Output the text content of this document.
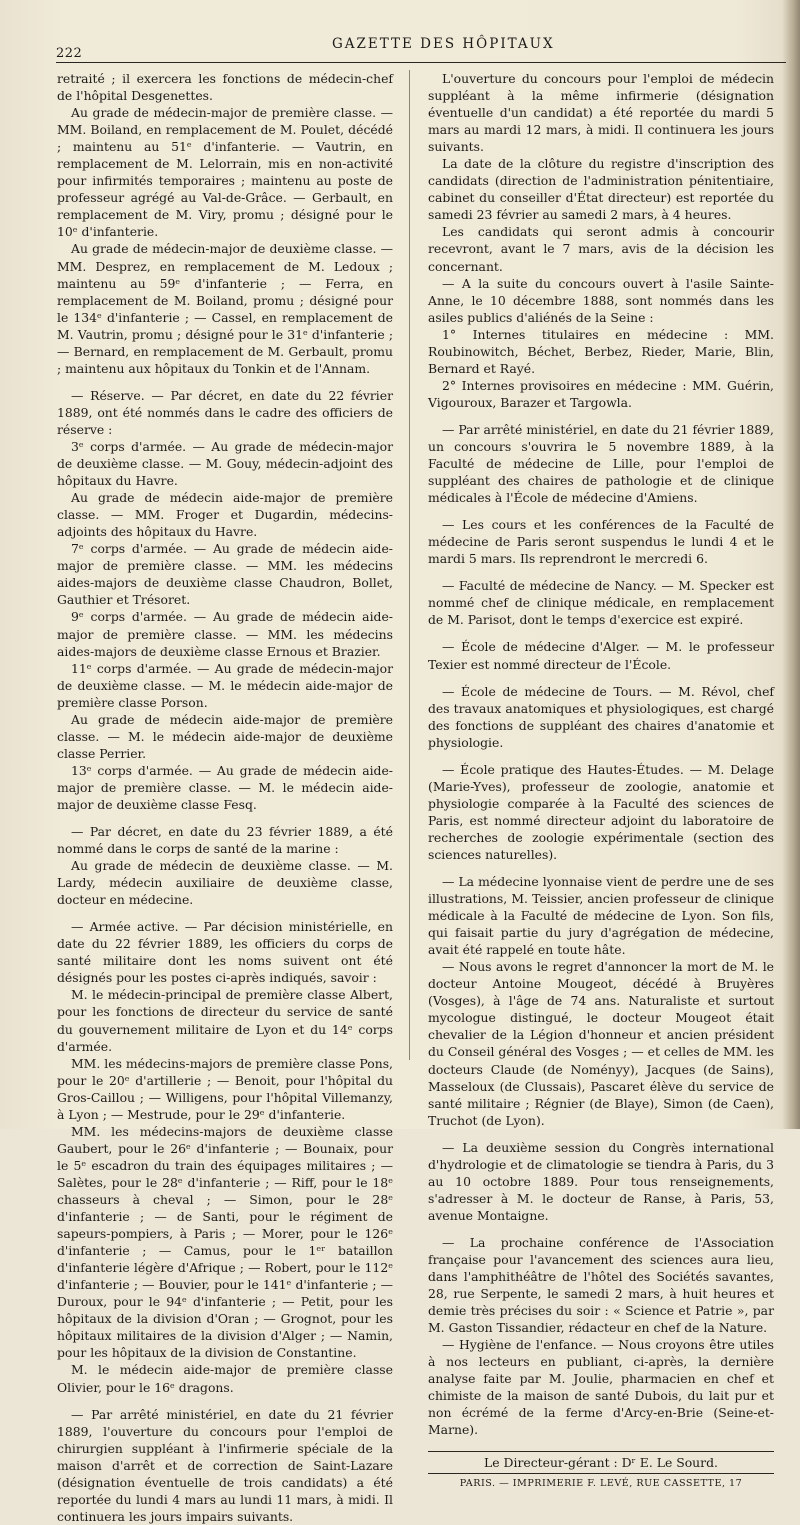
222
GAZETTE DES HÔPITAUX

retraité ; il exercera les fonctions de médecin-chef de l'hôpital Desgenettes.

Au grade de médecin-major de première classe. — MM. Boiland, en remplacement de M. Poulet, décédé ; maintenu au 51ᵉ d'infanterie. — Vautrin, en remplacement de M. Lelorrain, mis en non-activité pour infirmités temporaires ; maintenu au poste de professeur agrégé au Val-de-Grâce. — Gerbault, en remplacement de M. Viry, promu ; désigné pour le 10ᵉ d'infanterie.

Au grade de médecin-major de deuxième classe. — MM. Desprez, en remplacement de M. Ledoux ; maintenu au 59ᵉ d'infanterie ; — Ferra, en remplacement de M. Boiland, promu ; désigné pour le 134ᵉ d'infanterie ; — Cassel, en remplacement de M. Vautrin, promu ; désigné pour le 31ᵉ d'infanterie ; — Bernard, en remplacement de M. Gerbault, promu ; maintenu aux hôpitaux du Tonkin et de l'Annam.

— Réserve. — Par décret, en date du 22 février 1889, ont été nommés dans le cadre des officiers de réserve :

3ᵉ corps d'armée. — Au grade de médecin-major de deuxième classe. — M. Gouy, médecin-adjoint des hôpitaux du Havre.

Au grade de médecin aide-major de première classe. — MM. Froger et Dugardin, médecins-adjoints des hôpitaux du Havre.

7ᵉ corps d'armée. — Au grade de médecin aide-major de première classe. — MM. les médecins aides-majors de deuxième classe Chaudron, Bollet, Gauthier et Trésoret.

9ᵉ corps d'armée. — Au grade de médecin aide-major de première classe. — MM. les médecins aides-majors de deuxième classe Ernous et Brazier.

11ᵉ corps d'armée. — Au grade de médecin-major de deuxième classe. — M. le médecin aide-major de première classe Porson.

Au grade de médecin aide-major de première classe. — M. le médecin aide-major de deuxième classe Perrier.

13ᵉ corps d'armée. — Au grade de médecin aide-major de première classe. — M. le médecin aide-major de deuxième classe Fesq.

— Par décret, en date du 23 février 1889, a été nommé dans le corps de santé de la marine :

Au grade de médecin de deuxième classe. — M. Lardy, médecin auxiliaire de deuxième classe, docteur en médecine.

— Armée active. — Par décision ministérielle, en date du 22 février 1889, les officiers du corps de santé militaire dont les noms suivent ont été désignés pour les postes ci-après indiqués, savoir :

M. le médecin-principal de première classe Albert, pour les fonctions de directeur du service de santé du gouvernement militaire de Lyon et du 14ᵉ corps d'armée.

MM. les médecins-majors de première classe Pons, pour le 20ᵉ d'artillerie ; — Benoit, pour l'hôpital du Gros-Caillou ; — Willigens, pour l'hôpital Villemanzy, à Lyon ; — Mestrude, pour le 29ᵉ d'infanterie.

MM. les médecins-majors de deuxième classe Gaubert, pour le 26ᵉ d'infanterie ; — Bounaix, pour le 5ᵉ escadron du train des équipages militaires ; — Salètes, pour le 28ᵉ d'infanterie ; — Riff, pour le 18ᵉ chasseurs à cheval ; — Simon, pour le 28ᵉ d'infanterie ; — de Santi, pour le régiment de sapeurs-pompiers, à Paris ; — Morer, pour le 126ᵉ d'infanterie ; — Camus, pour le 1ᵉʳ bataillon d'infanterie légère d'Afrique ; — Robert, pour le 112ᵉ d'infanterie ; — Bouvier, pour le 141ᵉ d'infanterie ; — Duroux, pour le 94ᵉ d'infanterie ; — Petit, pour les hôpitaux de la division d'Oran ; — Grognot, pour les hôpitaux militaires de la division d'Alger ; — Namin, pour les hôpitaux de la division de Constantine.

M. le médecin aide-major de première classe Olivier, pour le 16ᵉ dragons.

— Par arrêté ministériel, en date du 21 février 1889, l'ouverture du concours pour l'emploi de chirurgien suppléant à l'infirmerie spéciale de la maison d'arrêt et de correction de Saint-Lazare (désignation éventuelle de trois candidats) a été reportée du lundi 4 mars au lundi 11 mars, à midi. Il continuera les jours impairs suivants.

L'ouverture du concours pour l'emploi de médecin suppléant à la même infirmerie (désignation éventuelle d'un candidat) a été reportée du mardi 5 mars au mardi 12 mars, à midi. Il continuera les jours suivants.

La date de la clôture du registre d'inscription des candidats (direction de l'administration pénitentiaire, cabinet du conseiller d'État directeur) est reportée du samedi 23 février au samedi 2 mars, à 4 heures.

Les candidats qui seront admis à concourir recevront, avant le 7 mars, avis de la décision les concernant.

— A la suite du concours ouvert à l'asile Sainte-Anne, le 10 décembre 1888, sont nommés dans les asiles publics d'aliénés de la Seine :

1° Internes titulaires en médecine : MM. Roubinowitch, Béchet, Berbez, Rieder, Marie, Blin, Bernard et Rayé.

2° Internes provisoires en médecine : MM. Guérin, Vigouroux, Barazer et Targowla.

— Par arrêté ministériel, en date du 21 février 1889, un concours s'ouvrira le 5 novembre 1889, à la Faculté de médecine de Lille, pour l'emploi de suppléant des chaires de pathologie et de clinique médicales à l'École de médecine d'Amiens.

— Les cours et les conférences de la Faculté de médecine de Paris seront suspendus le lundi 4 et le mardi 5 mars. Ils reprendront le mercredi 6.

— Faculté de médecine de Nancy. — M. Specker est nommé chef de clinique médicale, en remplacement de M. Parisot, dont le temps d'exercice est expiré.

— École de médecine d'Alger. — M. le professeur Texier est nommé directeur de l'École.

— École de médecine de Tours. — M. Révol, chef des travaux anatomiques et physiologiques, est chargé des fonctions de suppléant des chaires d'anatomie et physiologie.

— École pratique des Hautes-Études. — M. Delage (Marie-Yves), professeur de zoologie, anatomie et physiologie comparée à la Faculté des sciences de Paris, est nommé directeur adjoint du laboratoire de recherches de zoologie expérimentale (section des sciences naturelles).

— La médecine lyonnaise vient de perdre une de ses illustrations, M. Teissier, ancien professeur de clinique médicale à la Faculté de médecine de Lyon. Son fils, qui faisait partie du jury d'agrégation de médecine, avait été rappelé en toute hâte.

— Nous avons le regret d'annoncer la mort de M. le docteur Antoine Mougeot, décédé à Bruyères (Vosges), à l'âge de 74 ans. Naturaliste et surtout mycologue distingué, le docteur Mougeot était chevalier de la Légion d'honneur et ancien président du Conseil général des Vosges ; — et celles de MM. les docteurs Claude (de Noményy), Jacques (de Sains), Masseloux (de Clussais), Pascaret élève du service de santé militaire ; Régnier (de Blaye), Simon (de Caen), Truchot (de Lyon).

— La deuxième session du Congrès international d'hydrologie et de climatologie se tiendra à Paris, du 3 au 10 octobre 1889. Pour tous renseignements, s'adresser à M. le docteur de Ranse, à Paris, 53, avenue Montaigne.

— La prochaine conférence de l'Association française pour l'avancement des sciences aura lieu, dans l'amphithéâtre de l'hôtel des Sociétés savantes, 28, rue Serpente, le samedi 2 mars, à huit heures et demie très précises du soir : « Science et Patrie », par M. Gaston Tissandier, rédacteur en chef de la Nature.

— Hygiène de l'enfance. — Nous croyons être utiles à nos lecteurs en publiant, ci-après, la dernière analyse faite par M. Joulie, pharmacien en chef et chimiste de la maison de santé Dubois, du lait pur et non écrémé de la ferme d'Arcy-en-Brie (Seine-et-Marne).

Le Directeur-gérant : Dʳ E. Le Sourd.
PARIS. — IMPRIMERIE F. LEVÉ, RUE CASSETTE, 17
